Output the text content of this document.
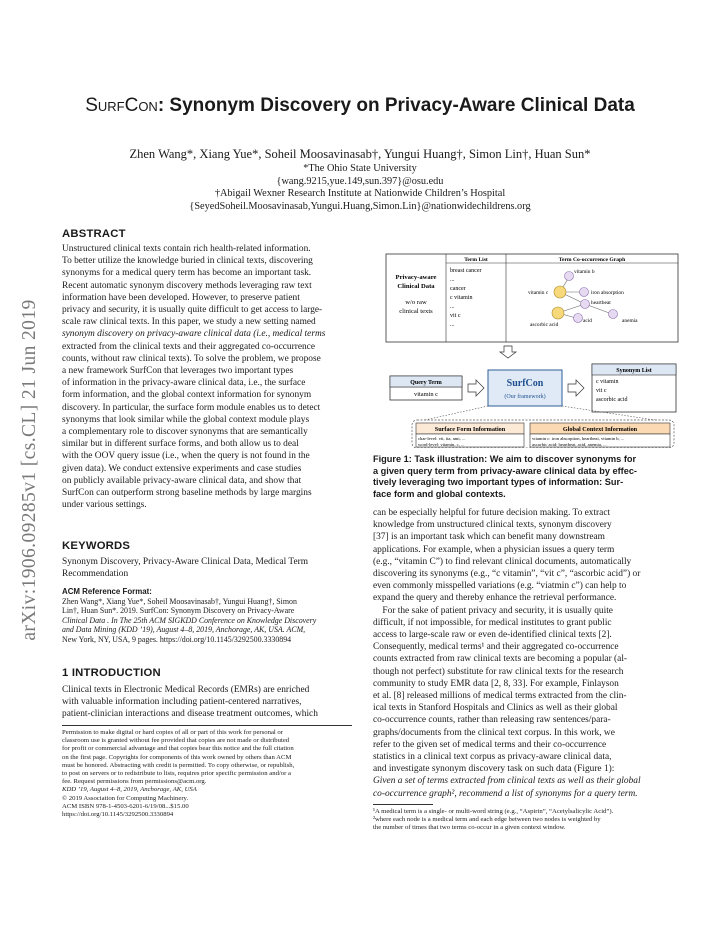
arXiv:1906.09285v1 [cs.CL] 21 Jun 2019
SurfCon: Synonym Discovery on Privacy-Aware Clinical Data
Zhen Wang*, Xiang Yue*, Soheil Moosavinasab†, Yungui Huang†, Simon Lin†, Huan Sun*
*The Ohio State University
{wang.9215,yue.149,sun.397}@osu.edu
†Abigail Wexner Research Institute at Nationwide Children’s Hospital
{SeyedSoheil.Moosavinasab,Yungui.Huang,Simon.Lin}@nationwidechildrens.org
ABSTRACT
Unstructured clinical texts contain rich health-related information.
To better utilize the knowledge buried in clinical texts, discovering
synonyms for a medical query term has become an important task.
Recent automatic synonym discovery methods leveraging raw text
information have been developed. However, to preserve patient
privacy and security, it is usually quite difficult to get access to large-
scale raw clinical texts. In this paper, we study a new setting named
synonym discovery on privacy-aware clinical data (i.e., medical terms
extracted from the clinical texts and their aggregated co-occurrence
counts, without raw clinical texts). To solve the problem, we propose
a new framework SurfCon that leverages two important types
of information in the privacy-aware clinical data, i.e., the surface
form information, and the global context information for synonym
discovery. In particular, the surface form module enables us to detect
synonyms that look similar while the global context module plays
a complementary role to discover synonyms that are semantically
similar but in different surface forms, and both allow us to deal
with the OOV query issue (i.e., when the query is not found in the
given data). We conduct extensive experiments and case studies
on publicly available privacy-aware clinical data, and show that
SurfCon can outperform strong baseline methods by large margins
under various settings.
KEYWORDS
Synonym Discovery, Privacy-Aware Clinical Data, Medical Term
Recommendation
ACM Reference Format:
Zhen Wang*, Xiang Yue*, Soheil Moosavinasab†, Yungui Huang†, Simon
Lin†, Huan Sun*. 2019. SurfCon: Synonym Discovery on Privacy-Aware
Clinical Data . In The 25th ACM SIGKDD Conference on Knowledge Discovery
and Data Mining (KDD ’19), August 4–8, 2019, Anchorage, AK, USA. ACM,
New York, NY, USA, 9 pages. https://doi.org/10.1145/3292500.3330894
1 INTRODUCTION
Clinical texts in Electronic Medical Records (EMRs) are enriched
with valuable information including patient-centered narratives,
patient-clinician interactions and disease treatment outcomes, which
Permission to make digital or hard copies of all or part of this work for personal or
classroom use is granted without fee provided that copies are not made or distributed
for profit or commercial advantage and that copies bear this notice and the full citation
on the first page. Copyrights for components of this work owned by others than ACM
must be honored. Abstracting with credit is permitted. To copy otherwise, or republish,
to post on servers or to redistribute to lists, requires prior specific permission and/or a
fee. Request permissions from permissions@acm.org.
KDD ’19, August 4–8, 2019, Anchorage, AK, USA
© 2019 Association for Computing Machinery.
ACM ISBN 978-1-4503-6201-6/19/08...$15.00
https://doi.org/10.1145/3292500.3330894
Term List	Term Co-occurrence Graph
Privacy-aware
Clinical Data
w/o raw
clinical texts
breast cancer
...
cancer
c vitamin
...
vit c
...
vitamin b
vitamin c	iron absorption
heartbeat
acid	anemia
ascorbic acid
Query Term
vitamin c
SurfCon
(Our framework)
Synonym List
c vitamin
vit c
ascorbic acid
Surface Form Information
char-level: vit, ita, ami, ...
word-level: vitamin, c, ...
Global Context Information
vitamin c: iron absorption, heartbeat, vitamin b, ...
ascorbic acid: heartbeat, acid, anemia, ...
Figure 1: Task illustration: We aim to discover synonyms for
a given query term from privacy-aware clinical data by effec-
tively leveraging two important types of information: Sur-
face form and global contexts.
can be especially helpful for future decision making. To extract
knowledge from unstructured clinical texts, synonym discovery
[37] is an important task which can benefit many downstream
applications. For example, when a physician issues a query term
(e.g., “vitamin C”) to find relevant clinical documents, automatically
discovering its synonyms (e.g., “c vitamin”, “vit c”, “ascorbic acid”) or
even commonly misspelled variations (e.g. “viatmin c”) can help to
expand the query and thereby enhance the retrieval performance.
For the sake of patient privacy and security, it is usually quite
difficult, if not impossible, for medical institutes to grant public
access to large-scale raw or even de-identified clinical texts [2].
Consequently, medical terms¹ and their aggregated co-occurrence
counts extracted from raw clinical texts are becoming a popular (al-
though not perfect) substitute for raw clinical texts for the research
community to study EMR data [2, 8, 33]. For example, Finlayson
et al. [8] released millions of medical terms extracted from the clin-
ical texts in Stanford Hospitals and Clinics as well as their global
co-occurrence counts, rather than releasing raw sentences/para-
graphs/documents from the clinical text corpus. In this work, we
refer to the given set of medical terms and their co-occurrence
statistics in a clinical text corpus as privacy-aware clinical data,
and investigate synonym discovery task on such data (Figure 1):
Given a set of terms extracted from clinical texts as well as their global
co-occurrence graph², recommend a list of synonyms for a query term.
¹A medical term is a single- or multi-word string (e.g., “Aspirin”, “Acetylsalicylic Acid”).
²where each node is a medical term and each edge between two nodes is weighted by
the number of times that two terms co-occur in a given context window.
